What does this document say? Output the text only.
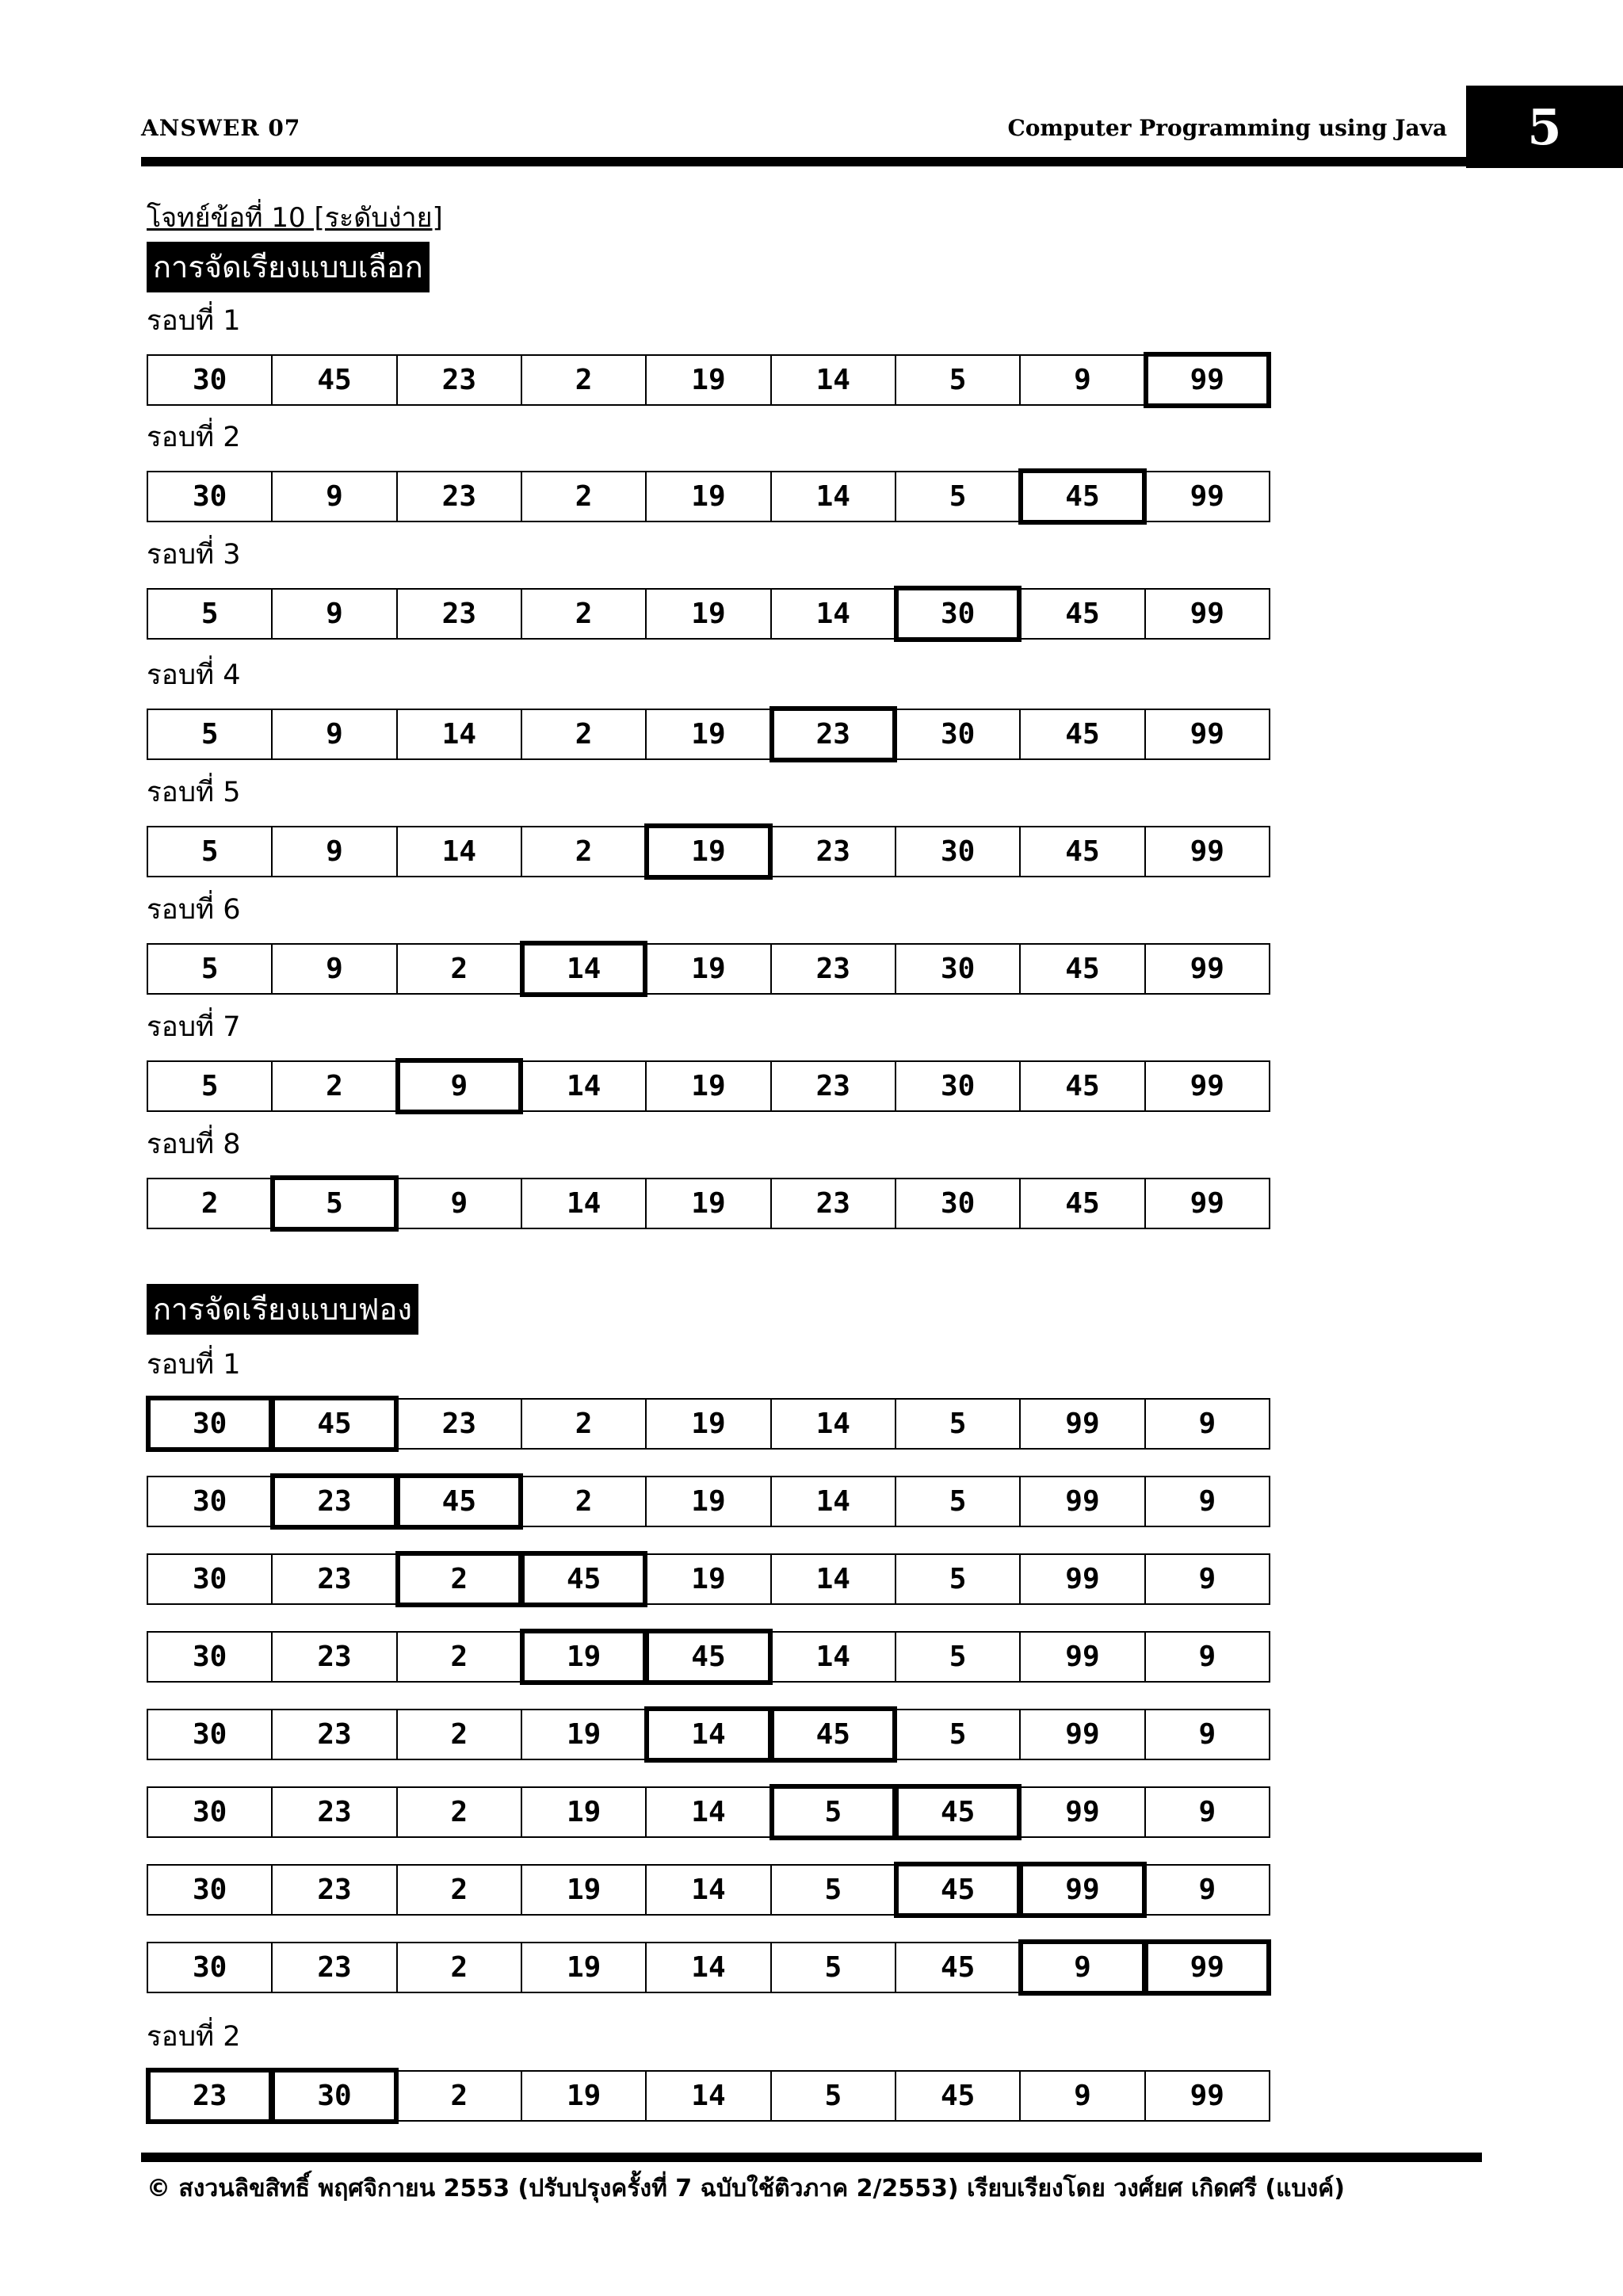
ANSWER 07	Computer Programming using Java	5
โจทย์ข้อที่ 10 [ระดับง่าย]
การจัดเรียงแบบเลือก
รอบที่ 1
30	45	23	2	19	14	5	9	99
รอบที่ 2
30	9	23	2	19	14	5	45	99
รอบที่ 3
5	9	23	2	19	14	30	45	99
รอบที่ 4
5	9	14	2	19	23	30	45	99
รอบที่ 5
5	9	14	2	19	23	30	45	99
รอบที่ 6
5	9	2	14	19	23	30	45	99
รอบที่ 7
5	2	9	14	19	23	30	45	99
รอบที่ 8
2	5	9	14	19	23	30	45	99
การจัดเรียงแบบฟอง
รอบที่ 1
30	45	23	2	19	14	5	99	9
30	23	45	2	19	14	5	99	9
30	23	2	45	19	14	5	99	9
30	23	2	19	45	14	5	99	9
30	23	2	19	14	45	5	99	9
30	23	2	19	14	5	45	99	9
30	23	2	19	14	5	45	99	9
30	23	2	19	14	5	45	9	99
รอบที่ 2
23	30	2	19	14	5	45	9	99
© สงวนลิขสิทธิ์ พฤศจิกายน 2553 (ปรับปรุงครั้งที่ 7 ฉบับใช้ติวภาค 2/2553) เรียบเรียงโดย วงศ์ยศ เกิดศรี (แบงค์)
